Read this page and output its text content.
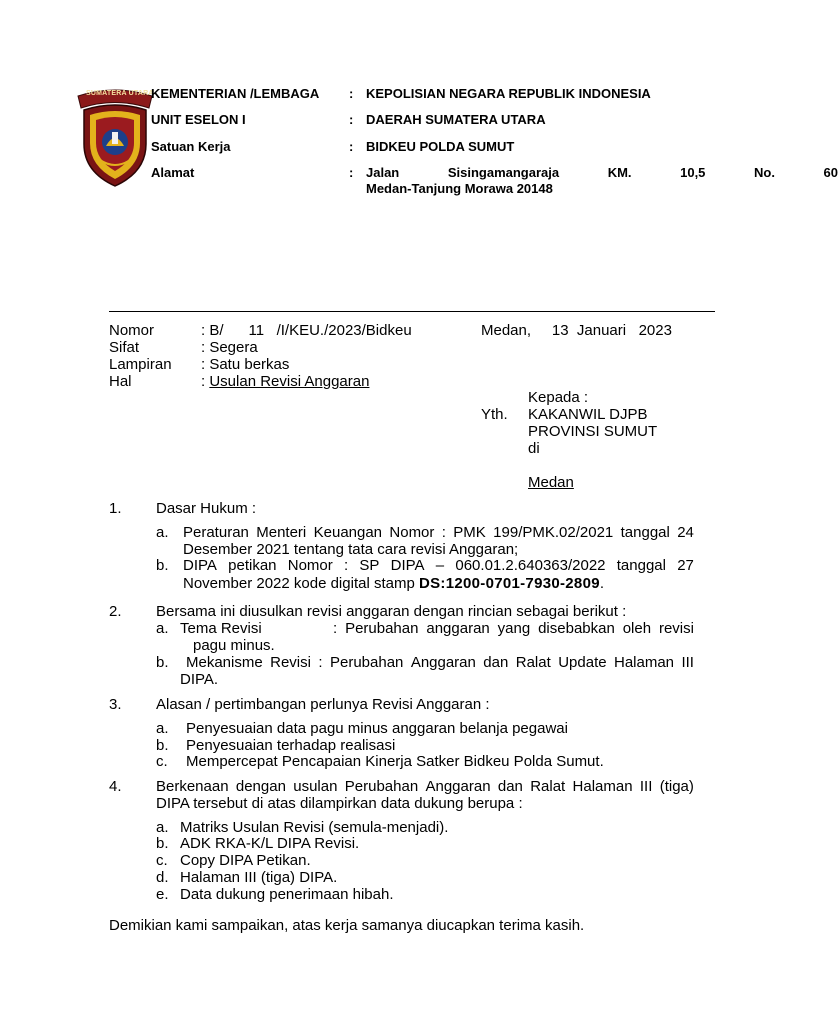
SUMATERA UTARA
KEMENTERIAN /LEMBAGA	: KEPOLISIAN NEGARA REPUBLIK INDONESIA
UNIT ESELON I	: DAERAH SUMATERA UTARA
Satuan Kerja	: BIDKEU POLDA SUMUT
Alamat	: Jalan	Sisingamangaraja	KM.	10,5	No.	60
Medan-Tanjung Morawa 20148
Nomor	: B/      11   /I/KEU./2023/Bidkeu
Sifat	: Segera
Lampiran : Satu berkas
Hal	: Usulan Revisi Anggaran
Medan,     13  Januari   2023
Kepada :
Yth. KAKANWIL DJPB
PROVINSI SUMUT
di
Medan
1. Dasar Hukum :
a. Peraturan Menteri Keuangan Nomor : PMK 199/PMK.02/2021 tanggal 24
Desember 2021 tentang tata cara revisi Anggaran;
b. DIPA petikan Nomor : SP DIPA – 060.01.2.640363/2022 tanggal 27
November 2022 kode digital stamp DS:1200-0701-7930-2809.
2. Bersama ini diusulkan revisi anggaran dengan rincian sebagai berikut :
a. Tema Revisi	: Perubahan anggaran yang disebabkan oleh revisi
pagu minus.
b. Mekanisme Revisi : Perubahan Anggaran dan Ralat Update Halaman III
DIPA.
3. Alasan / pertimbangan perlunya Revisi Anggaran :
a. Penyesuaian data pagu minus anggaran belanja pegawai
b. Penyesuaian terhadap realisasi
c. Mempercepat Pencapaian Kinerja Satker Bidkeu Polda Sumut.
4. Berkenaan dengan usulan Perubahan Anggaran dan Ralat Halaman III (tiga)
DIPA tersebut di atas dilampirkan data dukung berupa :
a. Matriks Usulan Revisi (semula-menjadi).
b. ADK RKA-K/L DIPA Revisi.
c. Copy DIPA Petikan.
d. Halaman III (tiga) DIPA.
e. Data dukung penerimaan hibah.
Demikian kami sampaikan, atas kerja samanya diucapkan terima kasih.
